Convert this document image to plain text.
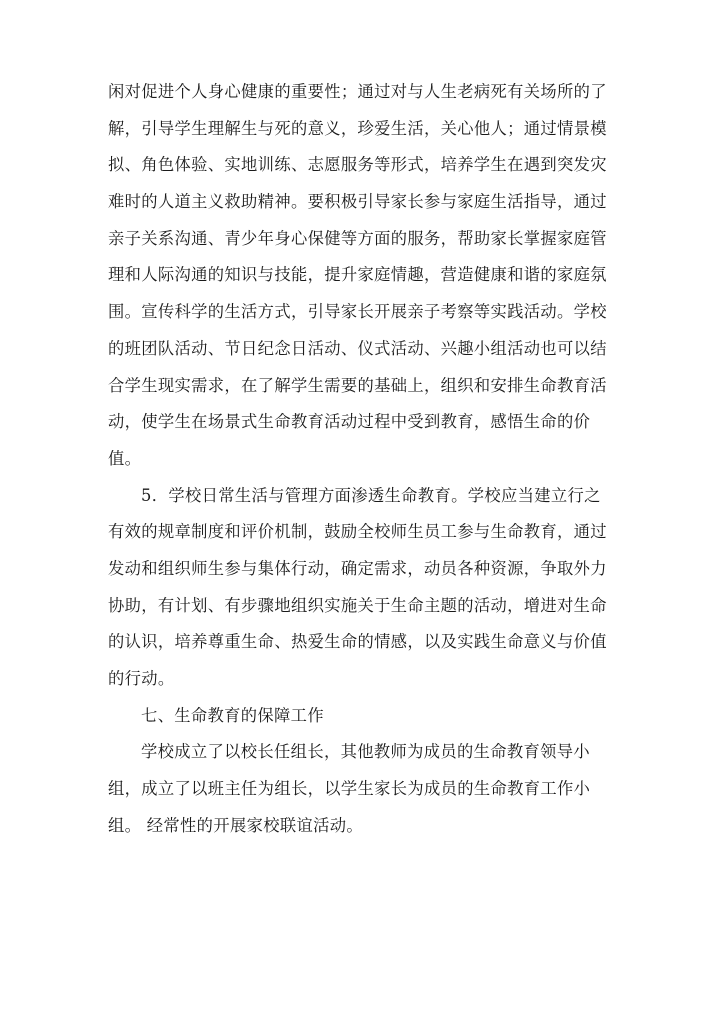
闲对促进个人身心健康的重要性；通过对与人生老病死有关场所的了
解，引导学生理解生与死的意义，珍爱生活，关心他人；通过情景模
拟、角色体验、实地训练、志愿服务等形式，培养学生在遇到突发灾
难时的人道主义救助精神。要积极引导家长参与家庭生活指导，通过
亲子关系沟通、青少年身心保健等方面的服务，帮助家长掌握家庭管
理和人际沟通的知识与技能，提升家庭情趣，营造健康和谐的家庭氛
围。宣传科学的生活方式，引导家长开展亲子考察等实践活动。学校
的班团队活动、节日纪念日活动、仪式活动、兴趣小组活动也可以结
合学生现实需求，在了解学生需要的基础上，组织和安排生命教育活
动，使学生在场景式生命教育活动过程中受到教育，感悟生命的价
值。
5．学校日常生活与管理方面渗透生命教育。学校应当建立行之
有效的规章制度和评价机制，鼓励全校师生员工参与生命教育，通过
发动和组织师生参与集体行动，确定需求，动员各种资源，争取外力
协助，有计划、有步骤地组织实施关于生命主题的活动，增进对生命
的认识，培养尊重生命、热爱生命的情感，以及实践生命意义与价值
的行动。
七、生命教育的保障工作
学校成立了以校长任组长，其他教师为成员的生命教育领导小
组，成立了以班主任为组长，以学生家长为成员的生命教育工作小
组。 经常性的开展家校联谊活动。
